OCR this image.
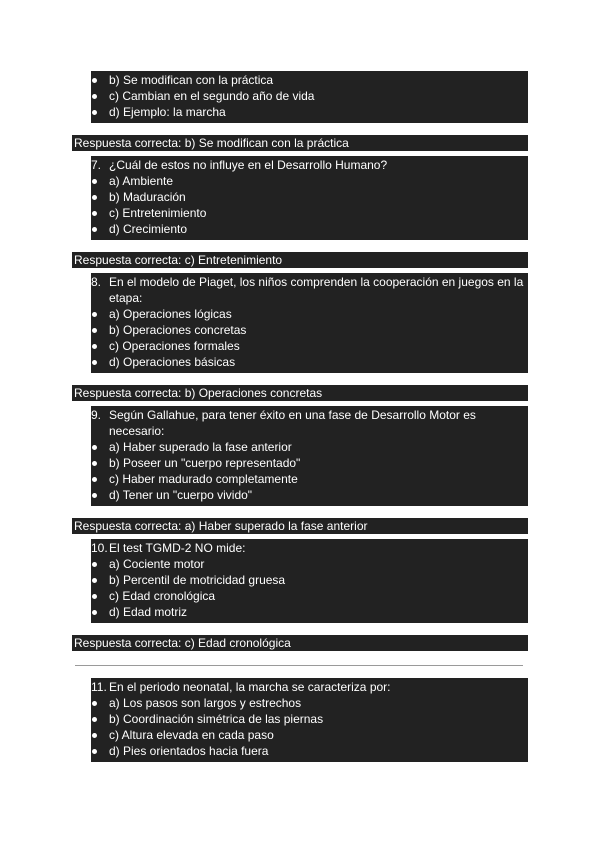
b) Se modifican con la práctica
c) Cambian en el segundo año de vida
d) Ejemplo: la marcha
Respuesta correcta: b) Se modifican con la práctica
7. ¿Cuál de estos no influye en el Desarrollo Humano?
a) Ambiente
b) Maduración
c) Entretenimiento
d) Crecimiento
Respuesta correcta: c) Entretenimiento
8. En el modelo de Piaget, los niños comprenden la cooperación en juegos en la etapa:
a) Operaciones lógicas
b) Operaciones concretas
c) Operaciones formales
d) Operaciones básicas
Respuesta correcta: b) Operaciones concretas
9. Según Gallahue, para tener éxito en una fase de Desarrollo Motor es necesario:
a) Haber superado la fase anterior
b) Poseer un "cuerpo representado"
c) Haber madurado completamente
d) Tener un "cuerpo vivido"
Respuesta correcta: a) Haber superado la fase anterior
10. El test TGMD-2 NO mide:
a) Cociente motor
b) Percentil de motricidad gruesa
c) Edad cronológica
d) Edad motriz
Respuesta correcta: c) Edad cronológica
11. En el periodo neonatal, la marcha se caracteriza por:
a) Los pasos son largos y estrechos
b) Coordinación simétrica de las piernas
c) Altura elevada en cada paso
d) Pies orientados hacia fuera
